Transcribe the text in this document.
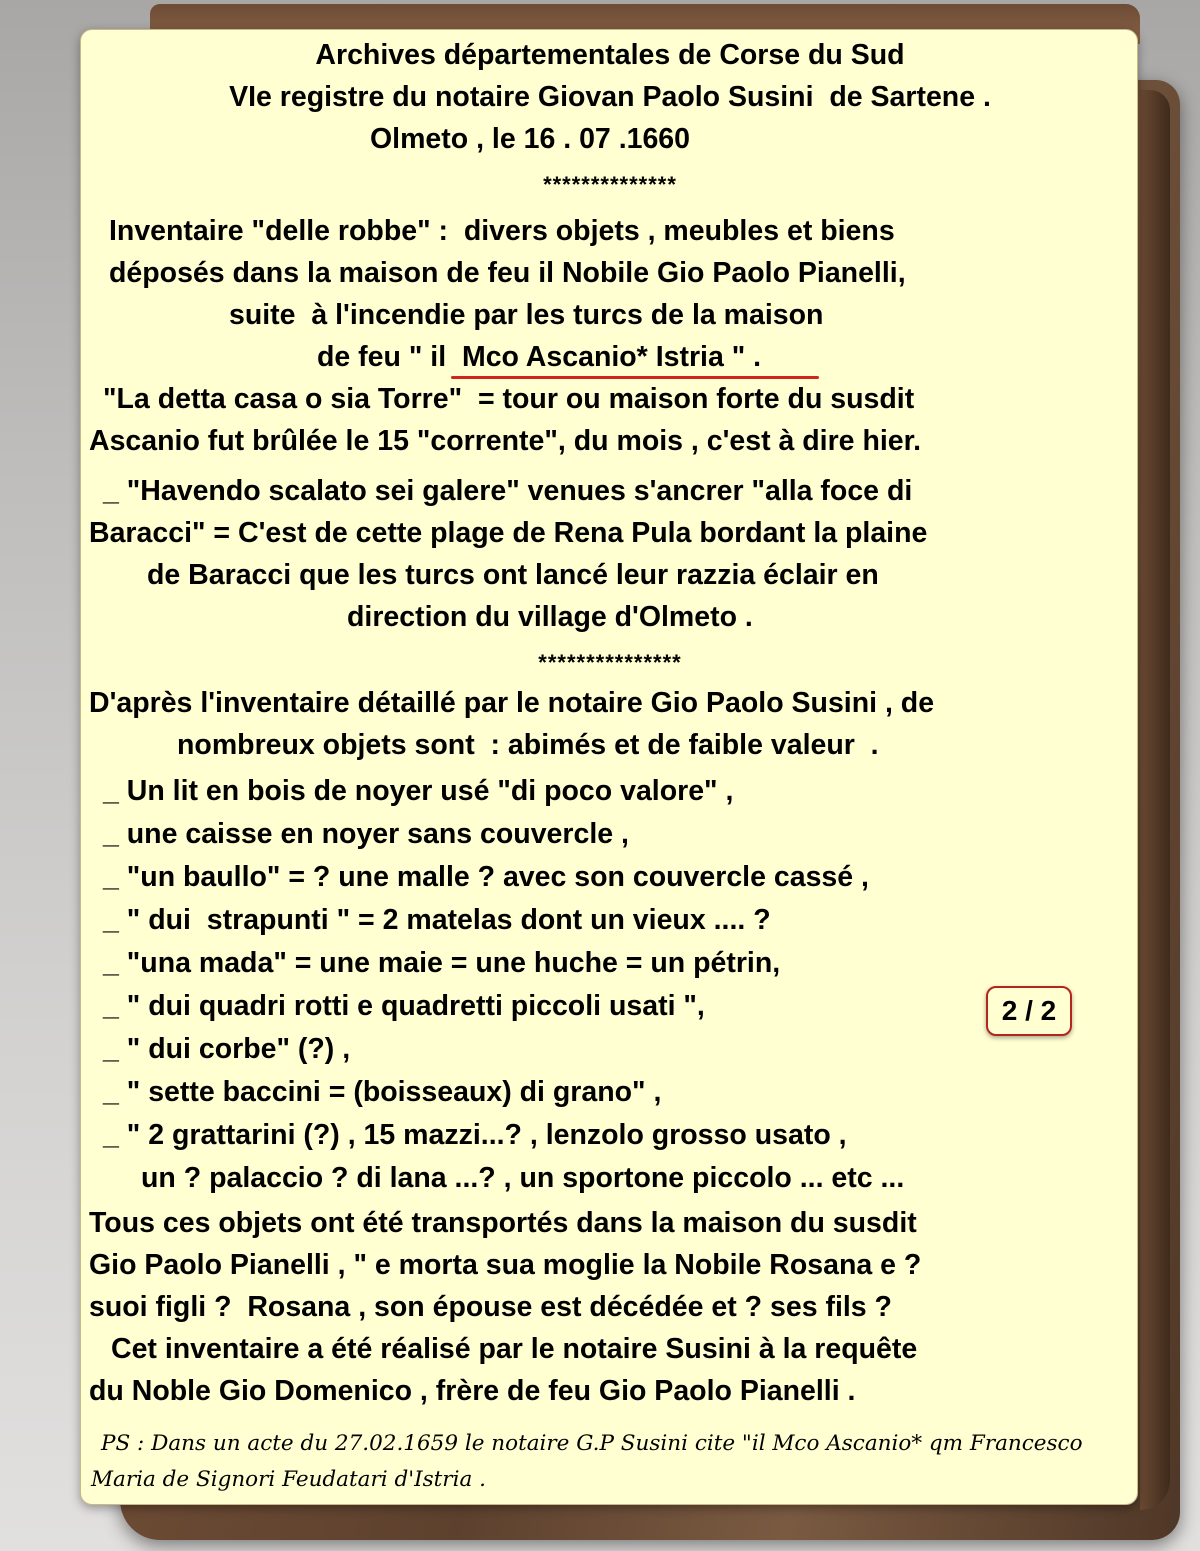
Archives départementales de Corse du Sud
VIe registre du notaire Giovan Paolo Susini  de Sartene .
Olmeto , le 16 . 07 .1660
**************
Inventaire "delle robbe" :  divers objets , meubles et biens
déposés dans la maison de feu il Nobile Gio Paolo Pianelli,
suite  à l'incendie par les turcs de la maison
de feu " il  Mco Ascanio* Istria " .
"La detta casa o sia Torre"  = tour ou maison forte du susdit
Ascanio fut brûlée le 15 "corrente", du mois , c'est à dire hier.
_ "Havendo scalato sei galere" venues s'ancrer "alla foce di
Baracci" = C'est de cette plage de Rena Pula bordant la plaine
de Baracci que les turcs ont lancé leur razzia éclair en
direction du village d'Olmeto .
***************
D'après l'inventaire détaillé par le notaire Gio Paolo Susini , de
nombreux objets sont  : abimés et de faible valeur  .
_ Un lit en bois de noyer usé "di poco valore" ,
_ une caisse en noyer sans couvercle ,
_ "un baullo" = ? une malle ? avec son couvercle cassé ,
_ " dui  strapunti " = 2 matelas dont un vieux .... ?
_ "una mada" = une maie = une huche = un pétrin,
_ " dui quadri rotti e quadretti piccoli usati ",
_ " dui corbe" (?) ,
_ " sette baccini = (boisseaux) di grano" ,
_ " 2 grattarini (?) , 15 mazzi...? , lenzolo grosso usato ,
un ? palaccio ? di lana ...? , un sportone piccolo ... etc ...
Tous ces objets ont été transportés dans la maison du susdit
Gio Paolo Pianelli , " e morta sua moglie la Nobile Rosana e ?
suoi figli ?  Rosana , son épouse est décédée et ? ses fils ?
Cet inventaire a été réalisé par le notaire Susini à la requête
du Noble Gio Domenico , frère de feu Gio Paolo Pianelli .
PS : Dans un acte du 27.02.1659 le notaire G.P Susini cite "il Mco Ascanio* qm Francesco
Maria de Signori Feudatari d'Istria .
2 / 2
